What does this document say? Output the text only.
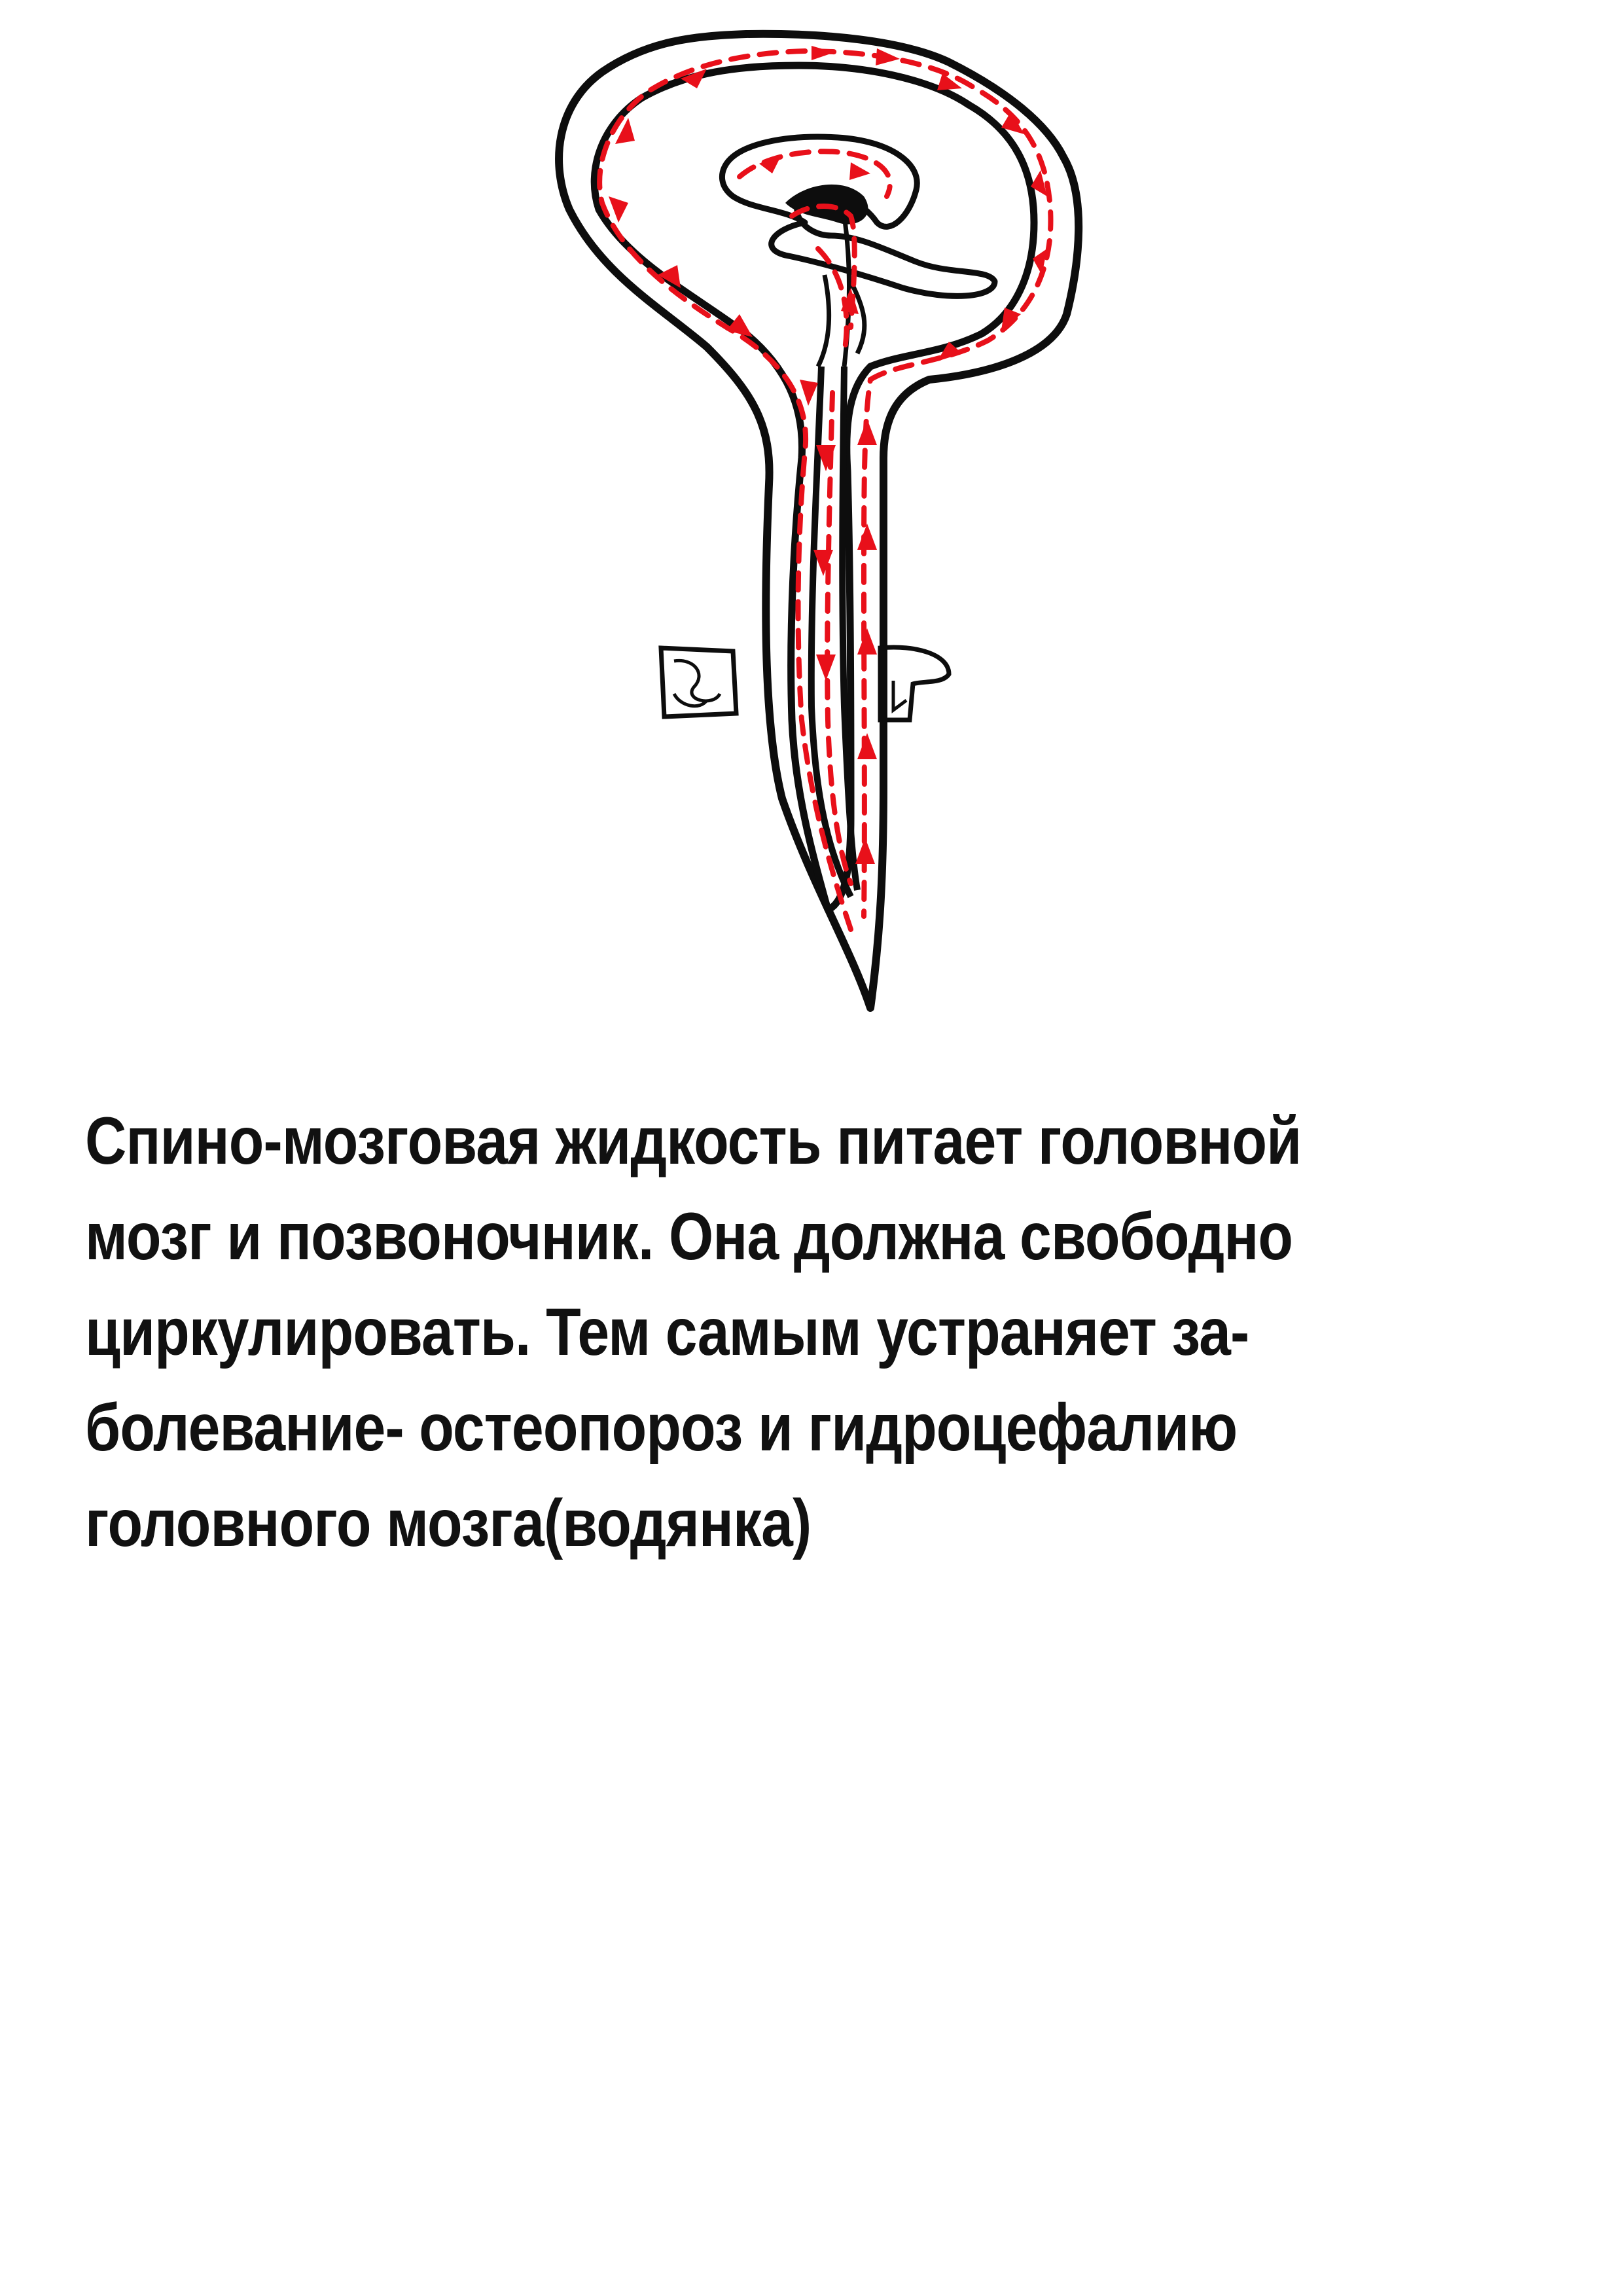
Спино-мозговая жидкость питает головной
мозг и позвоночник. Она должна свободно
циркулировать. Тем самым устраняет за-
болевание- остеопороз и гидроцефалию
головного мозга(водянка)
